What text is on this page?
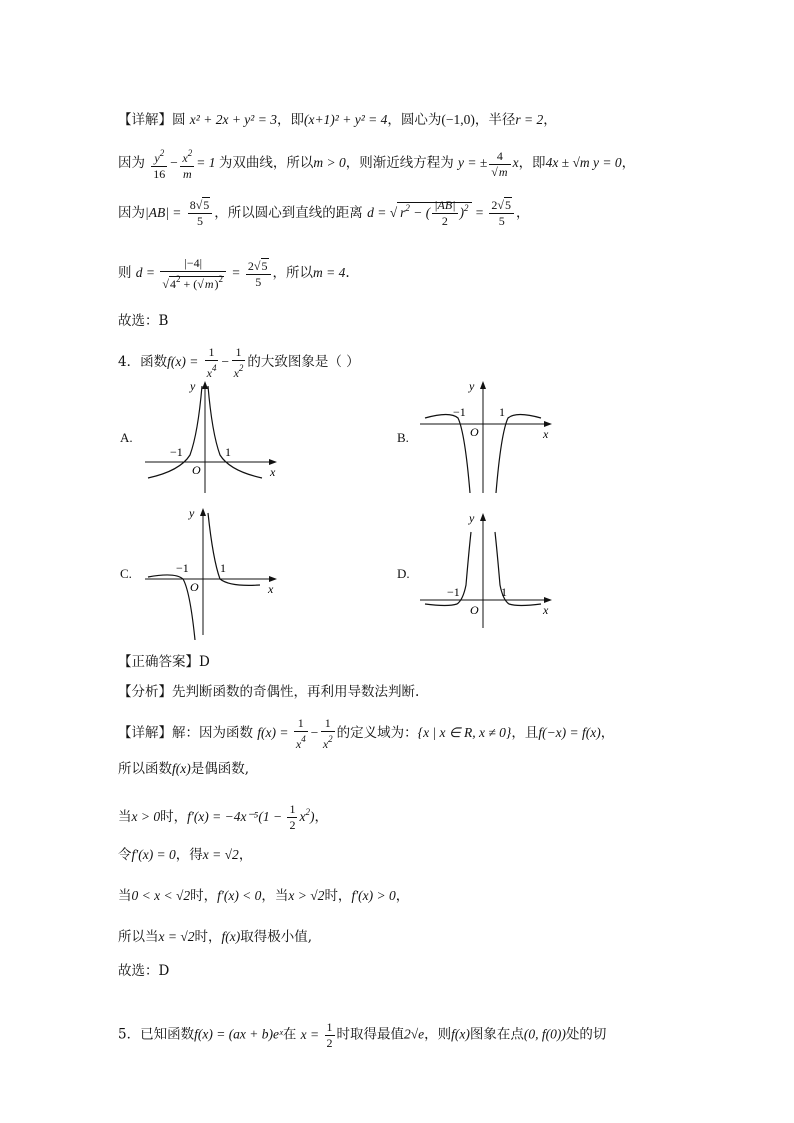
【详解】圆 x² + 2x + y² = 3，即(x+1)² + y² = 4，圆心为(−1,0)，半径r = 2，
因为 $\frac{y^2}{16} - \frac{x^2}{m} = 1$ 为双曲线，所以m > 0，则渐近线方程为 y = ± $\frac{4}{√m}$ x，即4x ± √m y = 0，
因为$|AB| = \frac{8√5}{5}$ ，所以圆心到直线的距离 d = √ $r^2$ − ( $\frac{|AB|}{2} )^2 = \frac{2√5}{5}$ ，
则 $d = \frac{|-4|}{√4^2 + (√m)^2} = \frac{2√5}{5}$ ，所以m = 4.
故选：B
4．函数$f(x) = \frac{1}{x^4} - \frac{1}{x^2}$ 的大致图象是（ ）
A.	B.
C.	D.
x
y
O
−1	1
x
y
O
−1	1
x
y
O
−1	1
x
y
O
−1	1
【正确答案】D
【分析】先判断函数的奇偶性，再利用导数法判断.
【详解】解：因为函数 $f(x) = \frac{1}{x^4} - \frac{1}{x^2}$ 的定义域为：{x | x ∈ R, x ≠ 0}，且f(−x) = f(x)，
所以函数f(x)是偶函数,
当x > 0时，$f'(x) = -4x^{-5}(1 - \frac{1}{2} x^2)$，
令f′(x) = 0，得x = √2，
当0 < x < √2时，f′(x) < 0，当x > √2时，f′(x) > 0，
所以当x = √2时，f(x)取得极小值,
故选：D
5．已知函数f(x) = (ax + b)eˣ在 $x = \frac{1}{2}$ 时取得最值2√e，则f(x)图象在点(0, f(0))处的切
